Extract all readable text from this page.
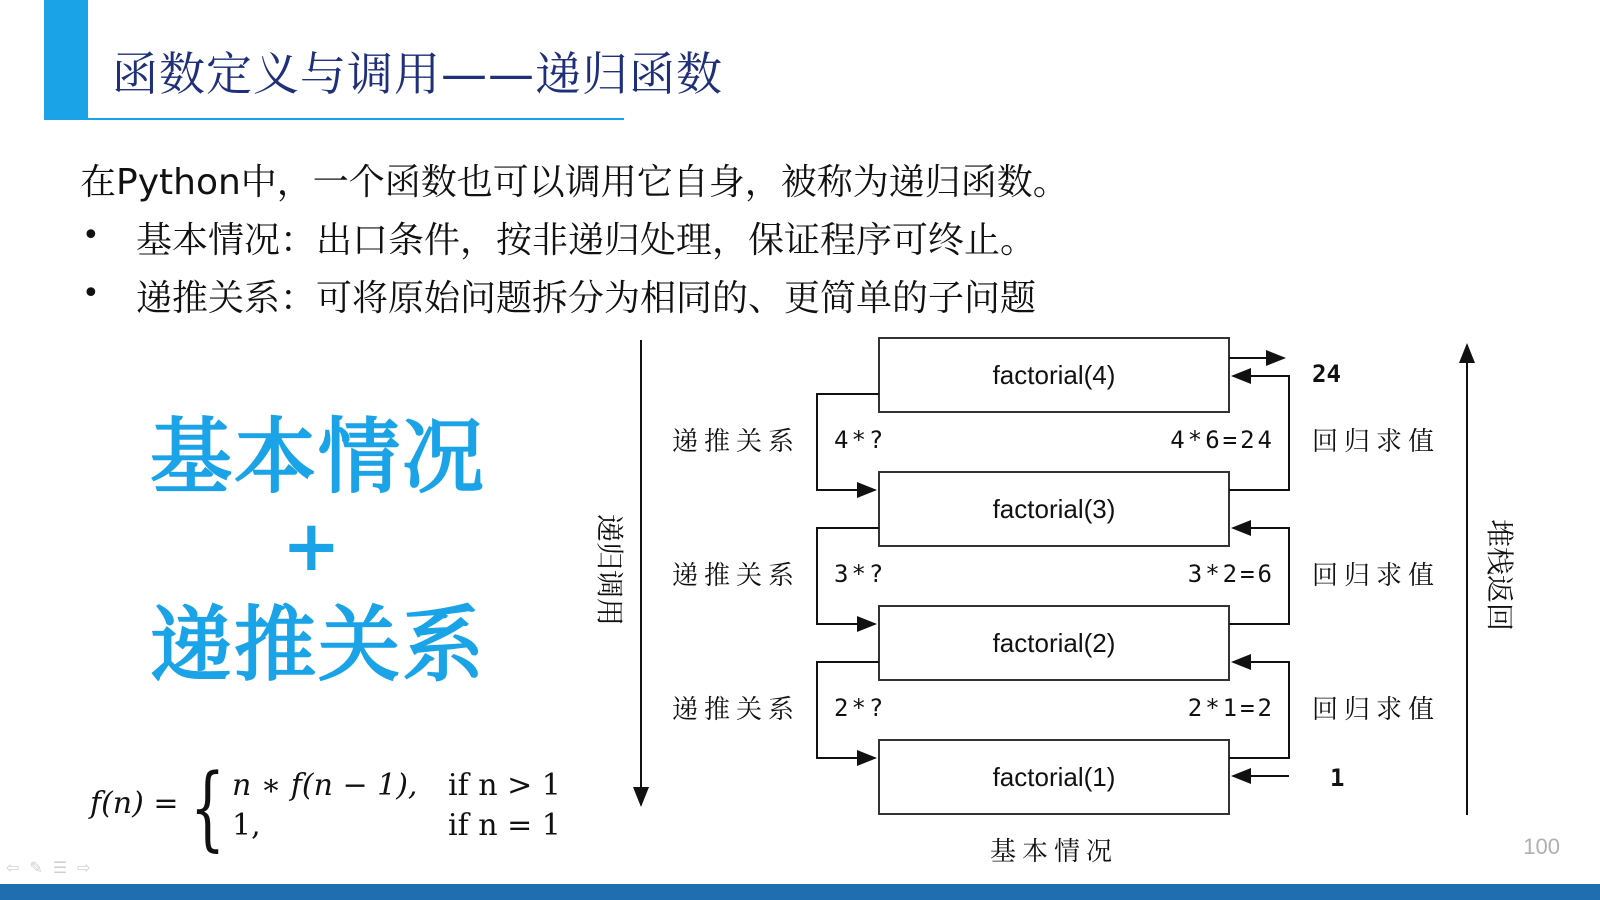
函数定义与调用——递归函数
在Python中，一个函数也可以调用它自身，被称为递归函数。
• 基本情况：出口条件，按非递归处理，保证程序可终止。
• 递推关系：可将原始问题拆分为相同的、更简单的子问题
基本情况
+
递推关系
f(n) = { n ∗ f(n − 1), if n > 1
1,	if n = 1
递归调用	堆栈返回
factorial(4)
factorial(3)
factorial(2)
factorial(1)
24
1
递推关系
递推关系
递推关系
4*?
3*?
2*?
4*6=24
3*2=6
2*1=2
回归求值
回归求值
回归求值
基本情况
⇦✎☰⇨
100
